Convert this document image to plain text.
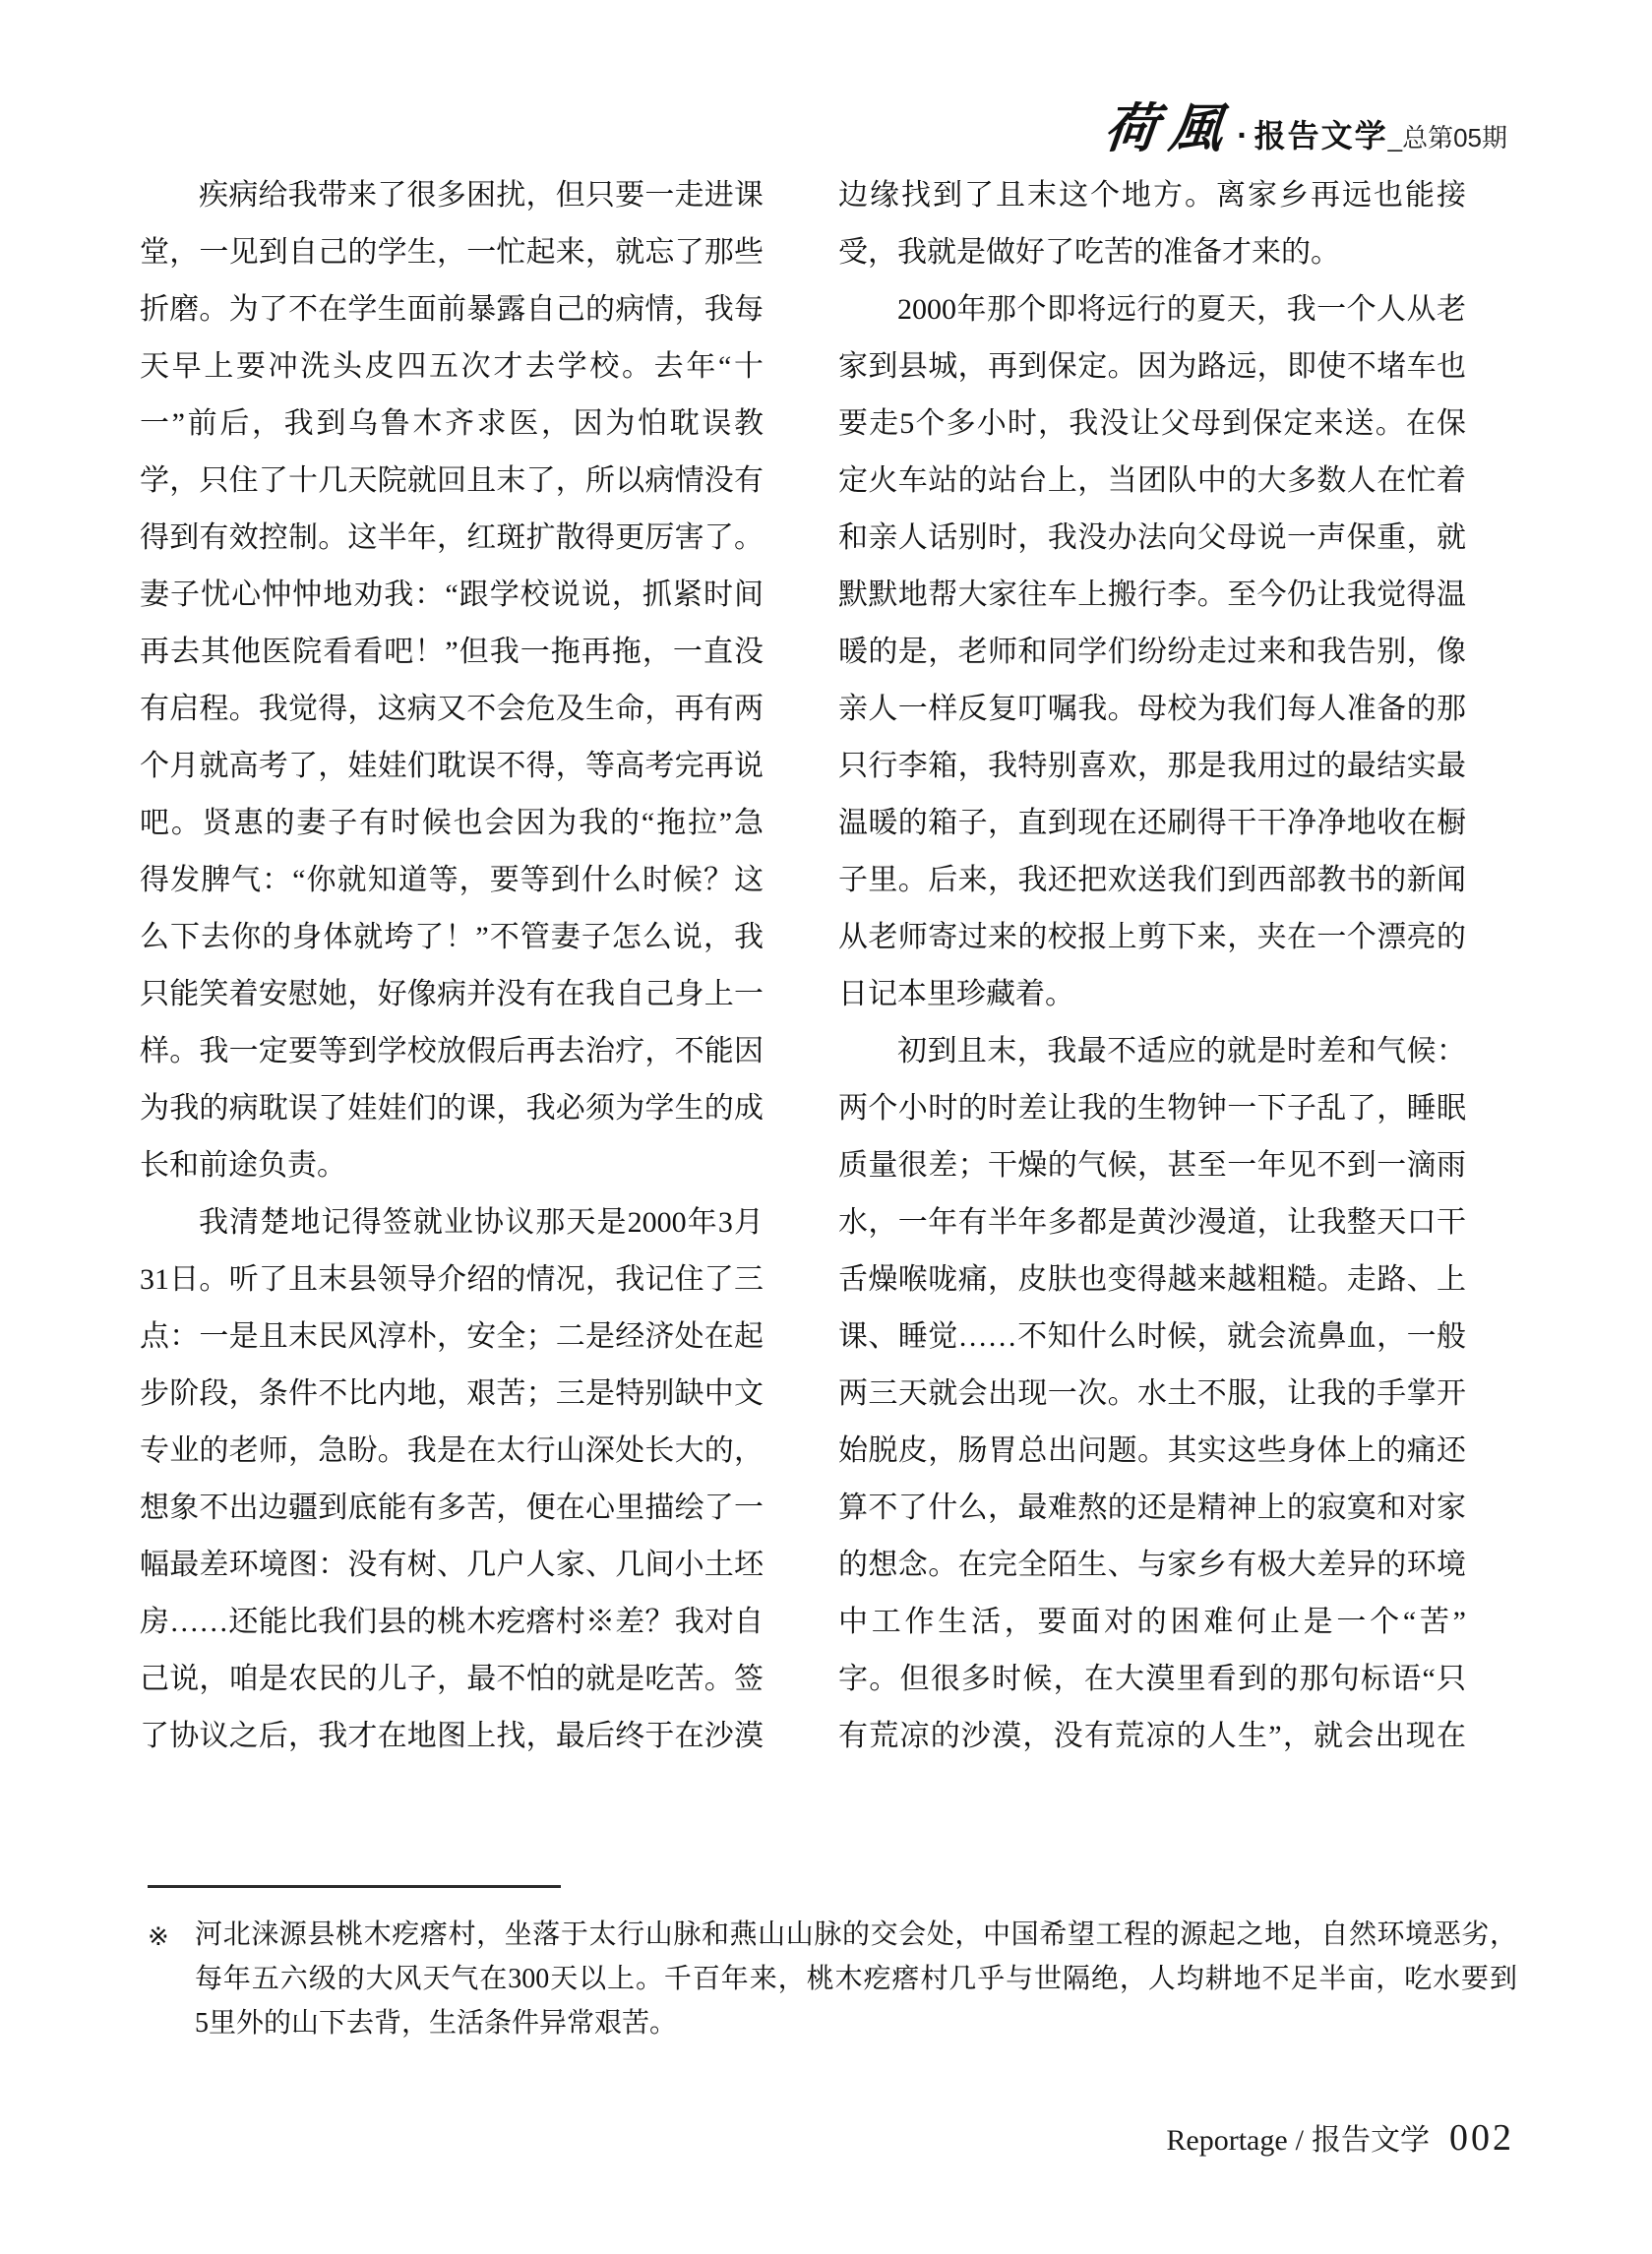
荷風 · 报告文学 _总第05期
疾病给我带来了很多困扰，但只要一走进课
堂，一见到自己的学生，一忙起来，就忘了那些
折磨。为了不在学生面前暴露自己的病情，我每
天早上要冲洗头皮四五次才去学校。去年“十
一”前后，我到乌鲁木齐求医，因为怕耽误教
学，只住了十几天院就回且末了，所以病情没有
得到有效控制。这半年，红斑扩散得更厉害了。
妻子忧心忡忡地劝我：“跟学校说说，抓紧时间
再去其他医院看看吧！”但我一拖再拖，一直没
有启程。我觉得，这病又不会危及生命，再有两
个月就高考了，娃娃们耽误不得，等高考完再说
吧。贤惠的妻子有时候也会因为我的“拖拉”急
得发脾气：“你就知道等，要等到什么时候？这
么下去你的身体就垮了！”不管妻子怎么说，我
只能笑着安慰她，好像病并没有在我自己身上一
样。我一定要等到学校放假后再去治疗，不能因
为我的病耽误了娃娃们的课，我必须为学生的成
长和前途负责。
我清楚地记得签就业协议那天是2000年3月
31日。听了且末县领导介绍的情况，我记住了三
点：一是且末民风淳朴，安全；二是经济处在起
步阶段，条件不比内地，艰苦；三是特别缺中文
专业的老师，急盼。我是在太行山深处长大的，
想象不出边疆到底能有多苦，便在心里描绘了一
幅最差环境图：没有树、几户人家、几间小土坯
房……还能比我们县的桃木疙瘩村※差？我对自
己说，咱是农民的儿子，最不怕的就是吃苦。签
了协议之后，我才在地图上找，最后终于在沙漠
边缘找到了且末这个地方。离家乡再远也能接
受，我就是做好了吃苦的准备才来的。
2000年那个即将远行的夏天，我一个人从老
家到县城，再到保定。因为路远，即使不堵车也
要走5个多小时，我没让父母到保定来送。在保
定火车站的站台上，当团队中的大多数人在忙着
和亲人话别时，我没办法向父母说一声保重，就
默默地帮大家往车上搬行李。至今仍让我觉得温
暖的是，老师和同学们纷纷走过来和我告别，像
亲人一样反复叮嘱我。母校为我们每人准备的那
只行李箱，我特别喜欢，那是我用过的最结实最
温暖的箱子，直到现在还刷得干干净净地收在橱
子里。后来，我还把欢送我们到西部教书的新闻
从老师寄过来的校报上剪下来，夹在一个漂亮的
日记本里珍藏着。
初到且末，我最不适应的就是时差和气候：
两个小时的时差让我的生物钟一下子乱了，睡眠
质量很差；干燥的气候，甚至一年见不到一滴雨
水，一年有半年多都是黄沙漫道，让我整天口干
舌燥喉咙痛，皮肤也变得越来越粗糙。走路、上
课、睡觉……不知什么时候，就会流鼻血，一般
两三天就会出现一次。水土不服，让我的手掌开
始脱皮，肠胃总出问题。其实这些身体上的痛还
算不了什么，最难熬的还是精神上的寂寞和对家
的想念。在完全陌生、与家乡有极大差异的环境
中工作生活，要面对的困难何止是一个“苦”
字。但很多时候，在大漠里看到的那句标语“只
有荒凉的沙漠，没有荒凉的人生”，就会出现在
※ 河北涞源县桃木疙瘩村，坐落于太行山脉和燕山山脉的交会处，中国希望工程的源起之地，自然环境恶劣，
每年五六级的大风天气在300天以上。千百年来，桃木疙瘩村几乎与世隔绝，人均耕地不足半亩，吃水要到
5里外的山下去背，生活条件异常艰苦。
Reportage / 报告文学 002
